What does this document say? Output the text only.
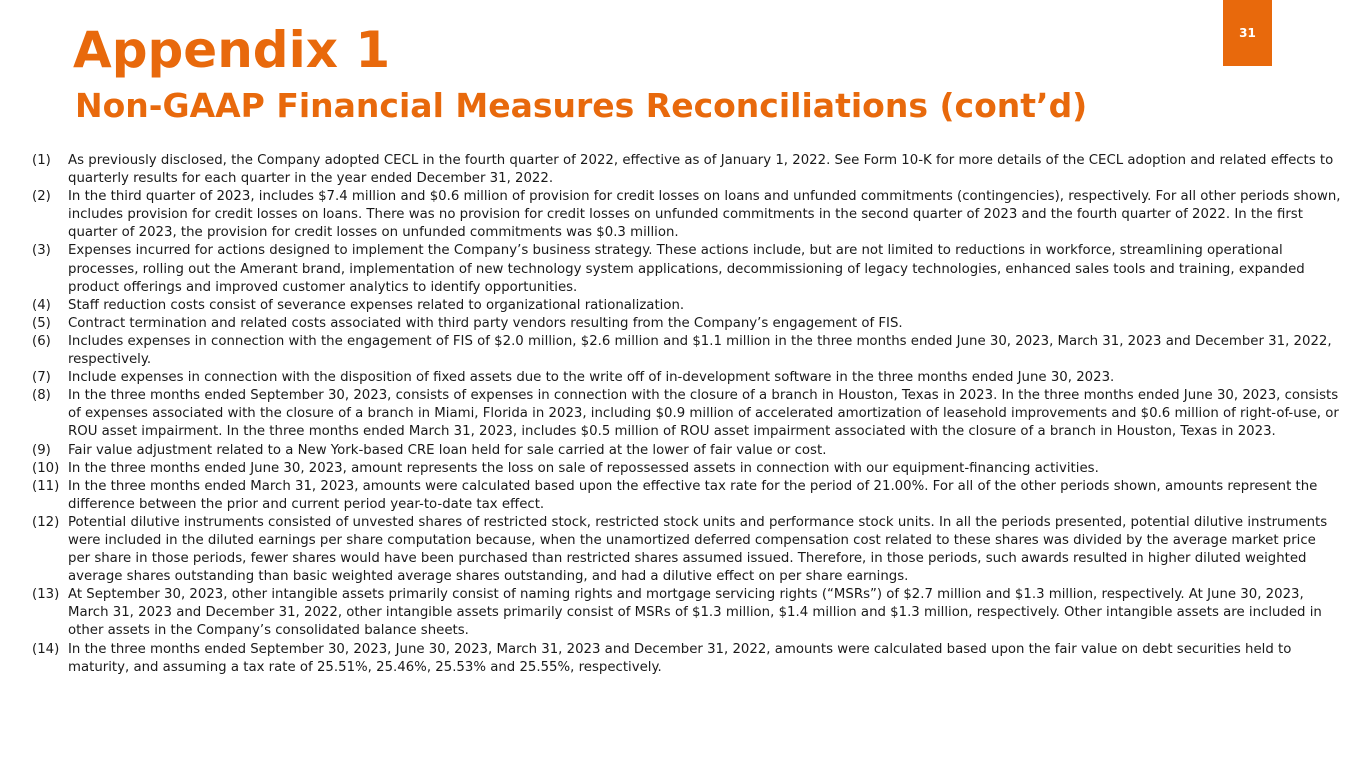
31
Appendix 1
Non-GAAP Financial Measures Reconciliations (cont’d)
(1) As previously disclosed, the Company adopted CECL in the fourth quarter of 2022, effective as of January 1, 2022. See Form 10-K for more details of the CECL adoption and related effects to quarterly results for each quarter in the year ended December 31, 2022.
(2) In the third quarter of 2023, includes $7.4 million and $0.6 million of provision for credit losses on loans and unfunded commitments (contingencies), respectively. For all other periods shown, includes provision for credit losses on loans. There was no provision for credit losses on unfunded commitments in the second quarter of 2023 and the fourth quarter of 2022. In the first quarter of 2023, the provision for credit losses on unfunded commitments was $0.3 million.
(3) Expenses incurred for actions designed to implement the Company’s business strategy. These actions include, but are not limited to reductions in workforce, streamlining operational processes, rolling out the Amerant brand, implementation of new technology system applications, decommissioning of legacy technologies, enhanced sales tools and training, expanded product offerings and improved customer analytics to identify opportunities.
(4) Staff reduction costs consist of severance expenses related to organizational rationalization.
(5) Contract termination and related costs associated with third party vendors resulting from the Company’s engagement of FIS.
(6) Includes expenses in connection with the engagement of FIS of $2.0 million, $2.6 million and $1.1 million in the three months ended June 30, 2023, March 31, 2023 and December 31, 2022, respectively.
(7) Include expenses in connection with the disposition of fixed assets due to the write off of in-development software in the three months ended June 30, 2023.
(8) In the three months ended September 30, 2023, consists of expenses in connection with the closure of a branch in Houston, Texas in 2023. In the three months ended June 30, 2023, consists of expenses associated with the closure of a branch in Miami, Florida in 2023, including $0.9 million of accelerated amortization of leasehold improvements and $0.6 million of right-of-use, or ROU asset impairment. In the three months ended March 31, 2023, includes $0.5 million of ROU asset impairment associated with the closure of a branch in Houston, Texas in 2023.
(9) Fair value adjustment related to a New York-based CRE loan held for sale carried at the lower of fair value or cost.
(10) In the three months ended June 30, 2023, amount represents the loss on sale of repossessed assets in connection with our equipment-financing activities.
(11) In the three months ended March 31, 2023, amounts were calculated based upon the effective tax rate for the period of 21.00%. For all of the other periods shown, amounts represent the difference between the prior and current period year-to-date tax effect.
(12) Potential dilutive instruments consisted of unvested shares of restricted stock, restricted stock units and performance stock units. In all the periods presented, potential dilutive instruments were included in the diluted earnings per share computation because, when the unamortized deferred compensation cost related to these shares was divided by the average market price per share in those periods, fewer shares would have been purchased than restricted shares assumed issued. Therefore, in those periods, such awards resulted in higher diluted weighted average shares outstanding than basic weighted average shares outstanding, and had a dilutive effect on per share earnings.
(13) At September 30, 2023, other intangible assets primarily consist of naming rights and mortgage servicing rights (“MSRs”) of $2.7 million and $1.3 million, respectively. At June 30, 2023, March 31, 2023 and December 31, 2022, other intangible assets primarily consist of MSRs of $1.3 million, $1.4 million and $1.3 million, respectively. Other intangible assets are included in other assets in the Company’s consolidated balance sheets.
(14) In the three months ended September 30, 2023, June 30, 2023, March 31, 2023 and December 31, 2022, amounts were calculated based upon the fair value on debt securities held to maturity, and assuming a tax rate of 25.51%, 25.46%, 25.53% and 25.55%, respectively.
